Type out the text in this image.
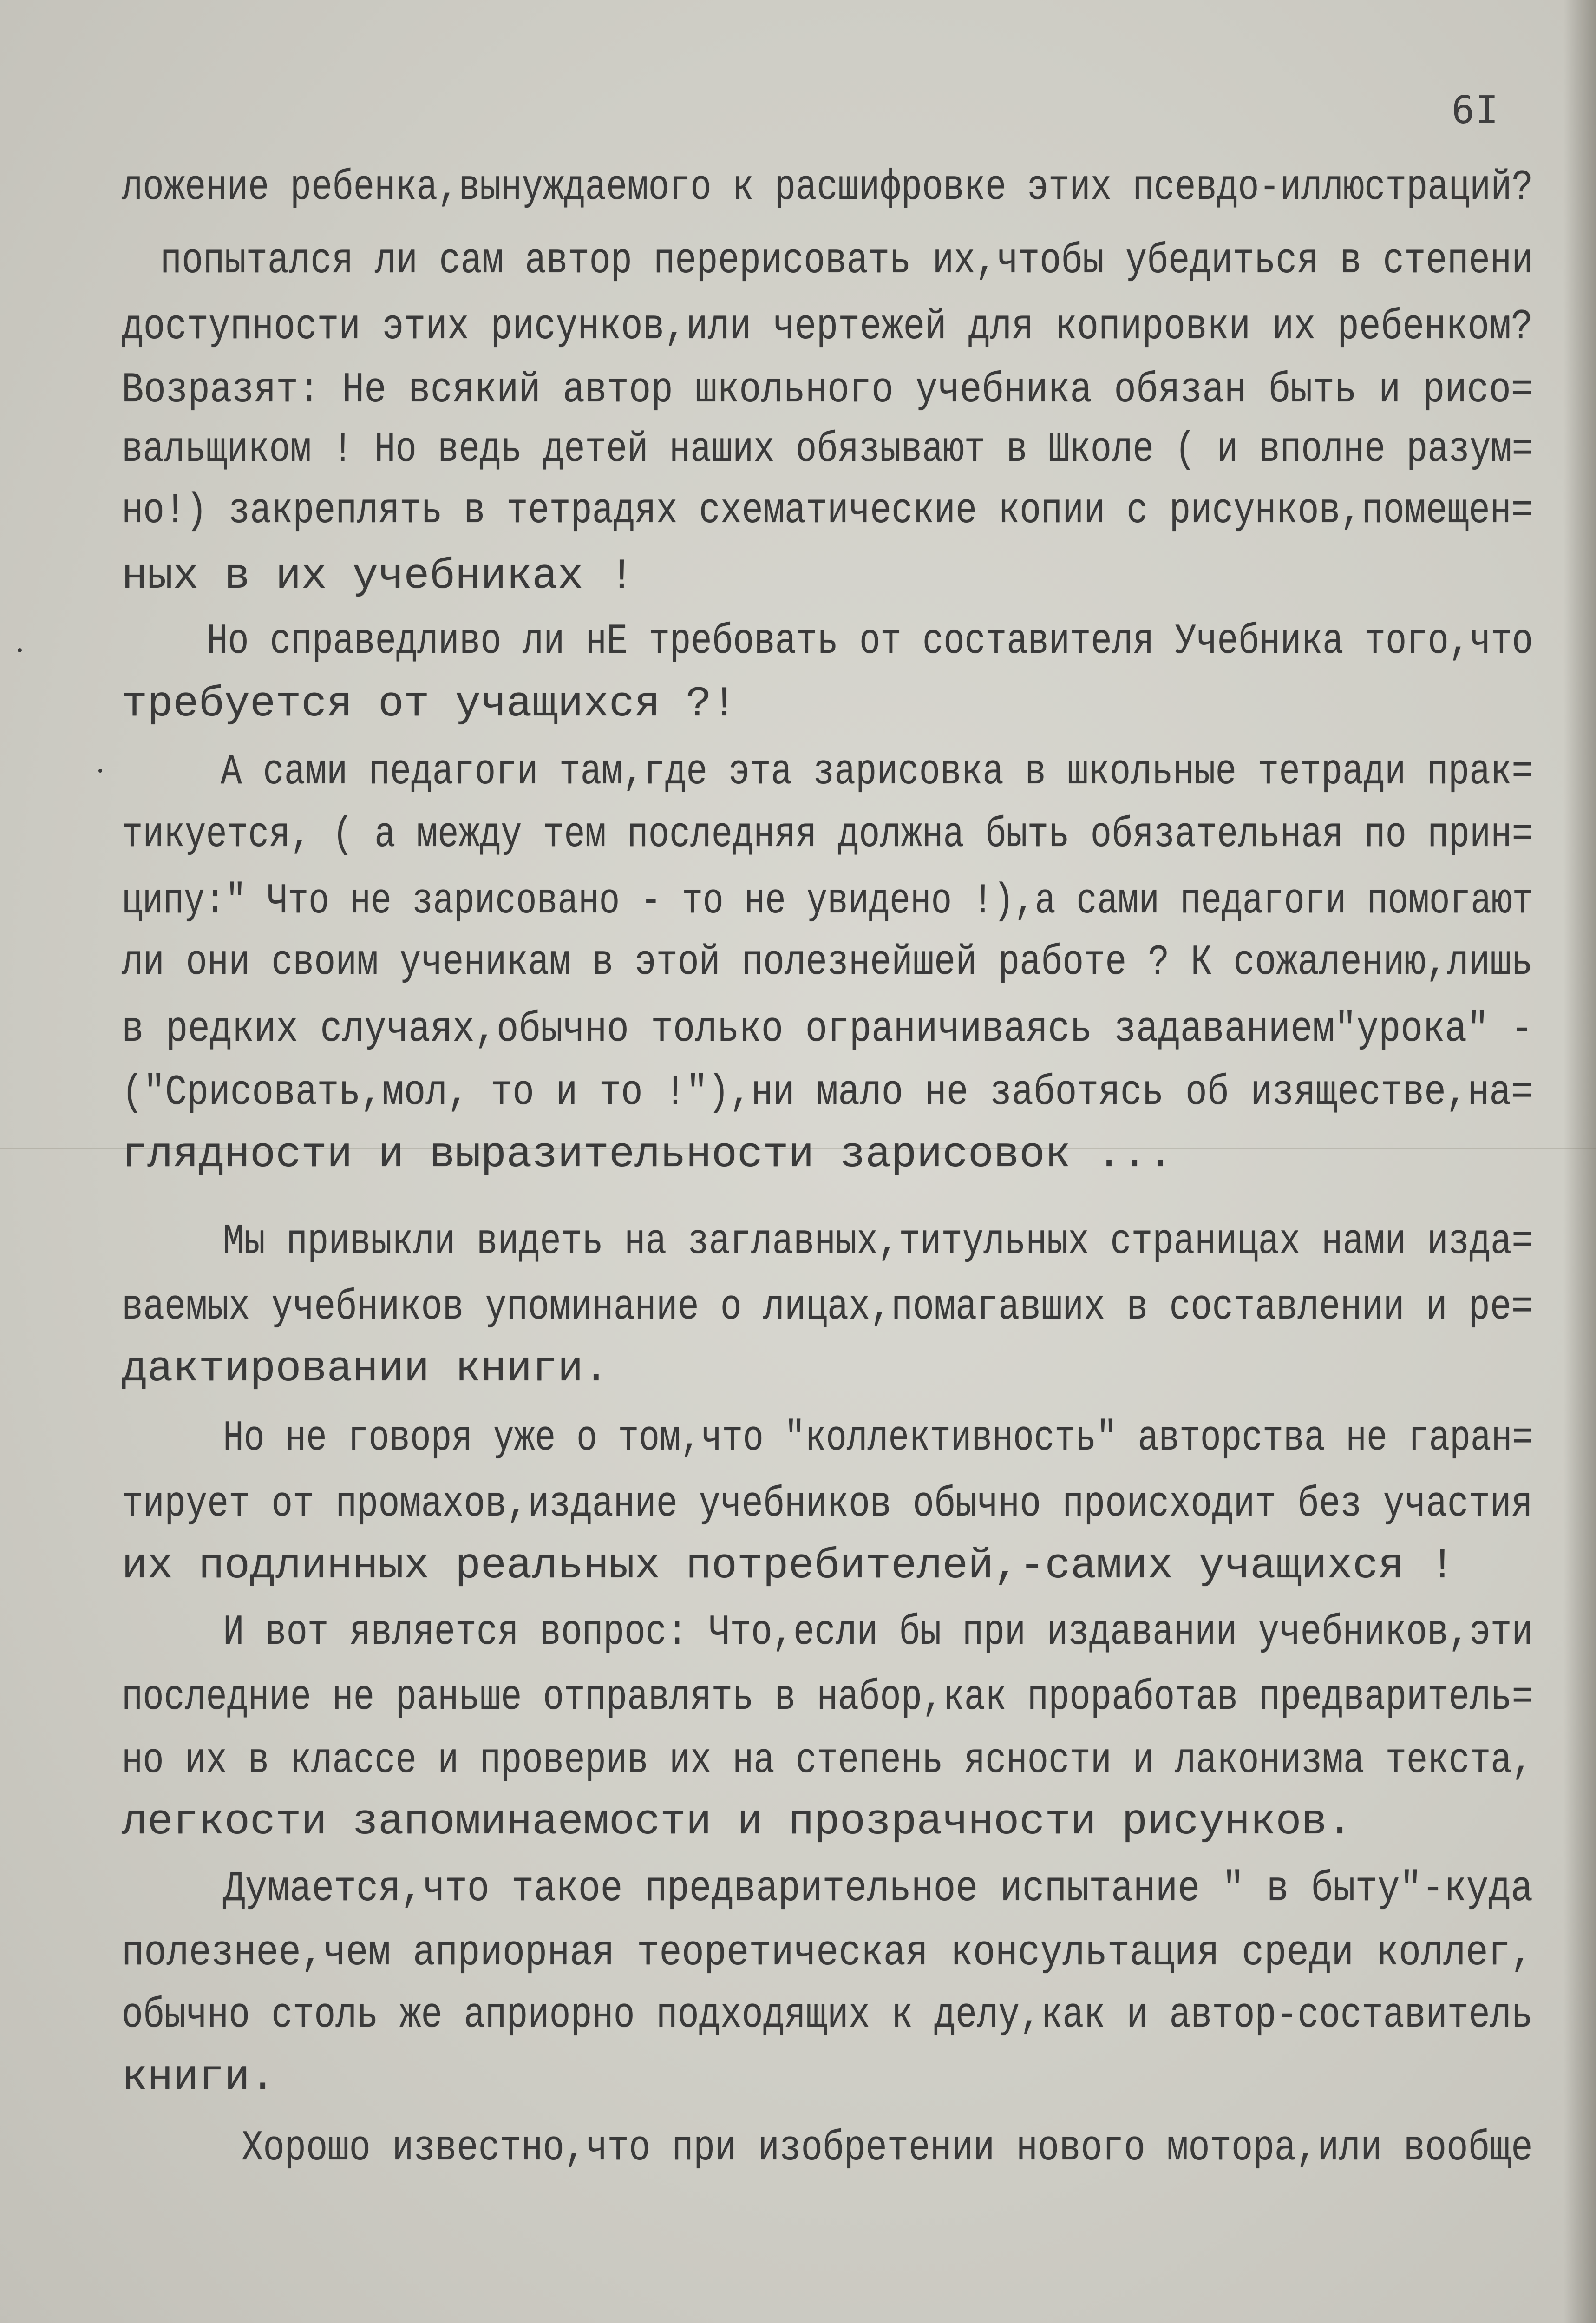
6I
ложение ребенка,вынуждаемого к расшифровке этих псевдо-иллюстраций?
попытался ли сам автор перерисовать их,чтобы убедиться в степени
доступности этих рисунков,или чертежей для копировки их ребенком?
Возразят: Не всякий автор школьного учебника обязан быть и рисо=
вальщиком ! Но ведь детей наших обязывают в Школе ( и вполне разум=
но!) закреплять в тетрадях схематические копии с рисунков,помещен=
ных в их учебниках !
Но справедливо ли нЕ требовать от составителя Учебника того,что
требуется от учащихся ?!
А сами педагоги там,где эта зарисовка в школьные тетради прак=
тикуется, ( а между тем последняя должна быть обязательная по прин=
ципу:" Что не зарисовано - то не увидено !),а сами педагоги помогают
ли они своим ученикам в этой полезнейшей работе ? К сожалению,лишь
в редких случаях,обычно только ограничиваясь задаванием"урока" -
("Срисовать,мол, то и то !"),ни мало не заботясь об изяществе,на=
глядности и выразительности зарисовок ...
Мы привыкли видеть на заглавных,титульных страницах нами изда=
ваемых учебников упоминание о лицах,помагавших в составлении и ре=
дактировании книги.
Но не говоря уже о том,что "коллективность" авторства не гаран=
тирует от промахов,издание учебников обычно происходит без участия
их подлинных реальных потребителей,-самих учащихся !
И вот является вопрос: Что,если бы при издавании учебников,эти
последние не раньше отправлять в набор,как проработав предваритель=
но их в классе и проверив их на степень ясности и лаконизма текста,
легкости запоминаемости и прозрачности рисунков.
Думается,что такое предварительное испытание " в быту"-куда
полезнее,чем априорная теоретическая консультация среди коллег,
обычно столь же априорно подходящих к делу,как и автор-составитель
книги.
Хорошо известно,что при изобретении нового мотора,или вообще
